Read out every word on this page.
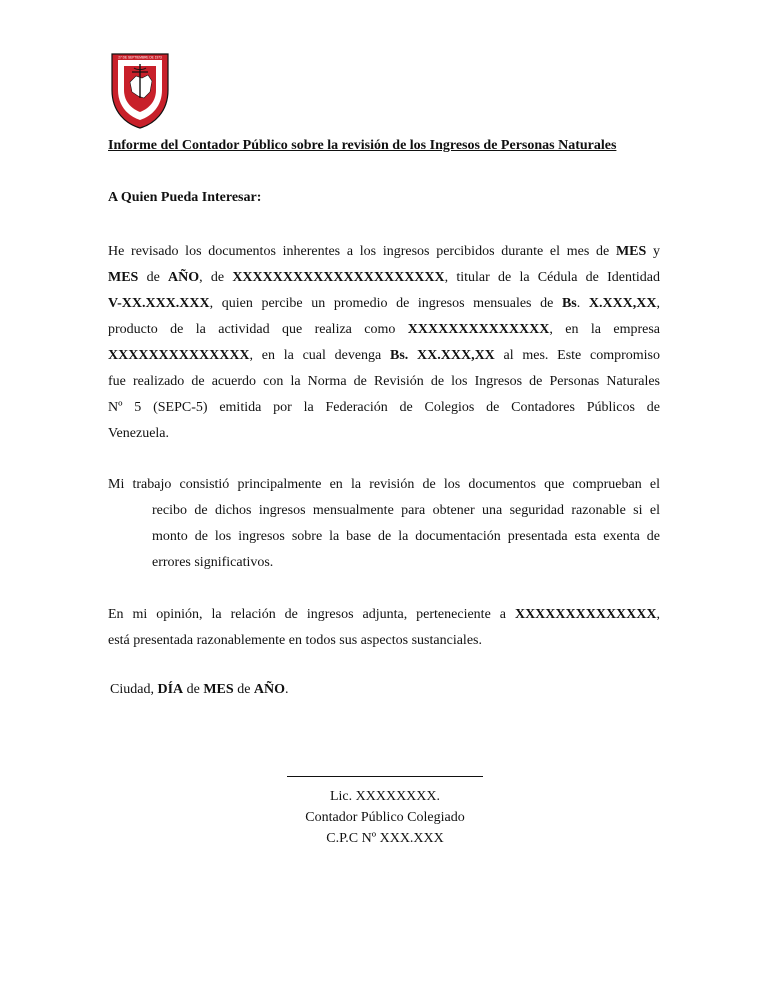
27 DE SEPTIEMBRE DE 1973
Informe del Contador Público sobre la revisión de los Ingresos de Personas Naturales
A Quien Pueda Interesar:
He revisado los documentos inherentes a los ingresos percibidos durante el mes de MES y
MES de AÑO, de XXXXXXXXXXXXXXXXXXXXX, titular de la Cédula de Identidad
V-XX.XXX.XXX, quien percibe un promedio de ingresos mensuales de Bs. X.XXX,XX,
producto de la actividad que realiza como XXXXXXXXXXXXXX, en la empresa
XXXXXXXXXXXXXX, en la cual devenga Bs. XX.XXX,XX al mes. Este compromiso
fue realizado de acuerdo con la Norma de Revisión de los Ingresos de Personas Naturales
Nº 5 (SEPC-5) emitida por la Federación de Colegios de Contadores Públicos de
Venezuela.
Mi trabajo consistió principalmente en la revisión de los documentos que comprueban el
recibo de dichos ingresos mensualmente para obtener una seguridad razonable si el
monto de los ingresos sobre la base de la documentación presentada esta exenta de
errores significativos.
En mi opinión, la relación de ingresos adjunta, perteneciente a XXXXXXXXXXXXXX,
está presentada razonablemente en todos sus aspectos sustanciales.
Ciudad, DÍA de MES de AÑO.
Lic. XXXXXXXX.
Contador Público Colegiado
C.P.C Nº XXX.XXX
